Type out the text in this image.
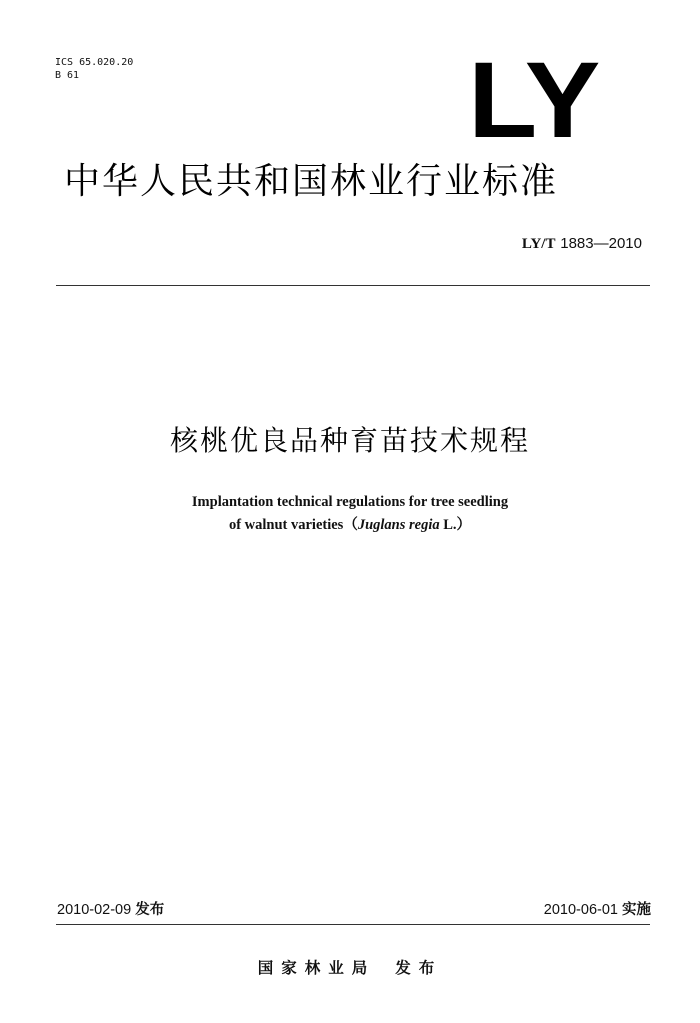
ICS 65.020.20
B 61	LY
中华人民共和国林业行业标准
LY/T 1883—2010
核桃优良品种育苗技术规程
Implantation technical regulations for tree seedling
of walnut varieties（Juglans regia L.）
2010-02-09 发布	2010-06-01 实施
国家林业局 发布
